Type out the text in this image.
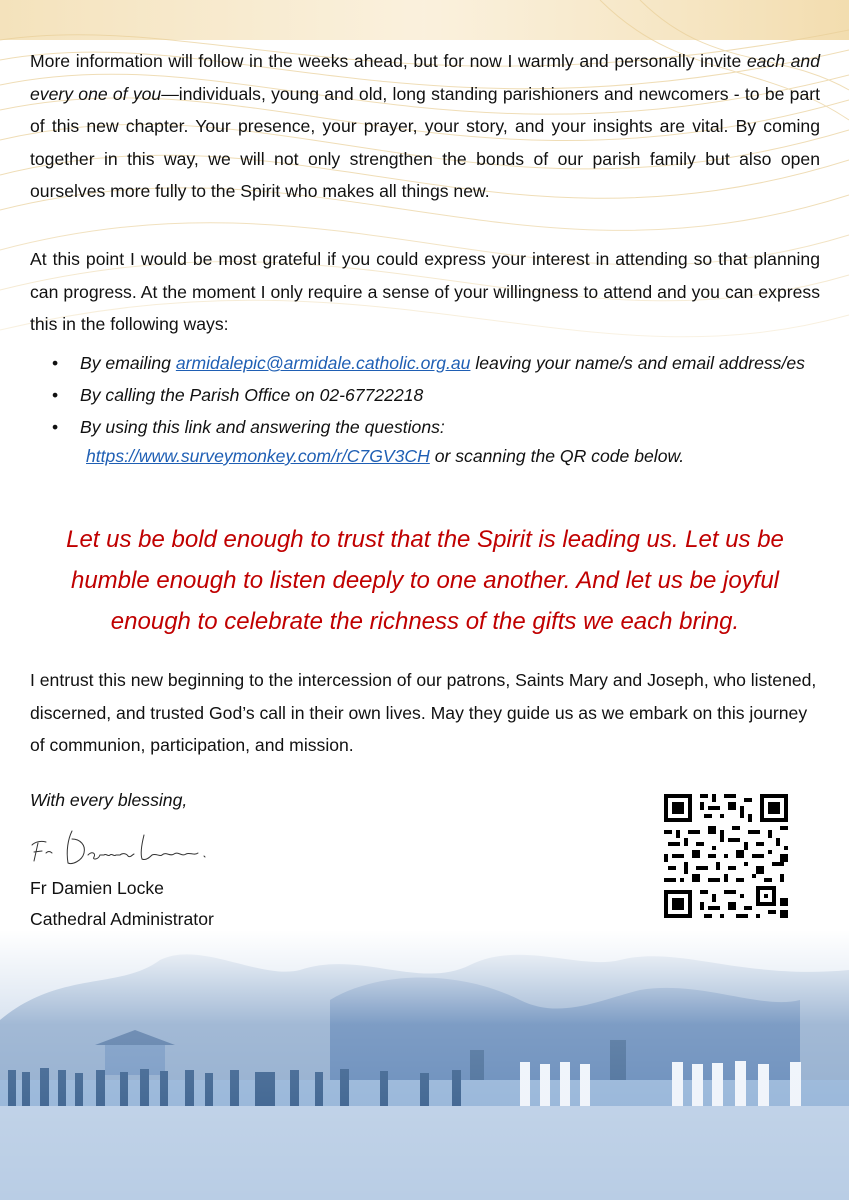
More information will follow in the weeks ahead, but for now I warmly and personally invite each and every one of you—individuals, young and old, long standing parishioners and newcomers - to be part of this new chapter. Your presence, your prayer, your story, and your insights are vital. By coming together in this way, we will not only strengthen the bonds of our parish family but also open ourselves more fully to the Spirit who makes all things new.

At this point I would be most grateful if you could express your interest in attending so that planning can progress. At the moment I only require a sense of your willingness to attend and you can express this in the following ways:

• By emailing armidalepic@armidale.catholic.org.au leaving your name/s and email address/es
• By calling the Parish Office on 02-67722218
• By using this link and answering the questions:
https://www.surveymonkey.com/r/C7GV3CH or scanning the QR code below.

Let us be bold enough to trust that the Spirit is leading us. Let us be humble enough to listen deeply to one another. And let us be joyful enough to celebrate the richness of the gifts we each bring.

I entrust this new beginning to the intercession of our patrons, Saints Mary and Joseph, who listened, discerned, and trusted God’s call in their own lives. May they guide us as we embark on this journey of communion, participation, and mission.

With every blessing,
Fr Damien Locke
Cathedral Administrator
